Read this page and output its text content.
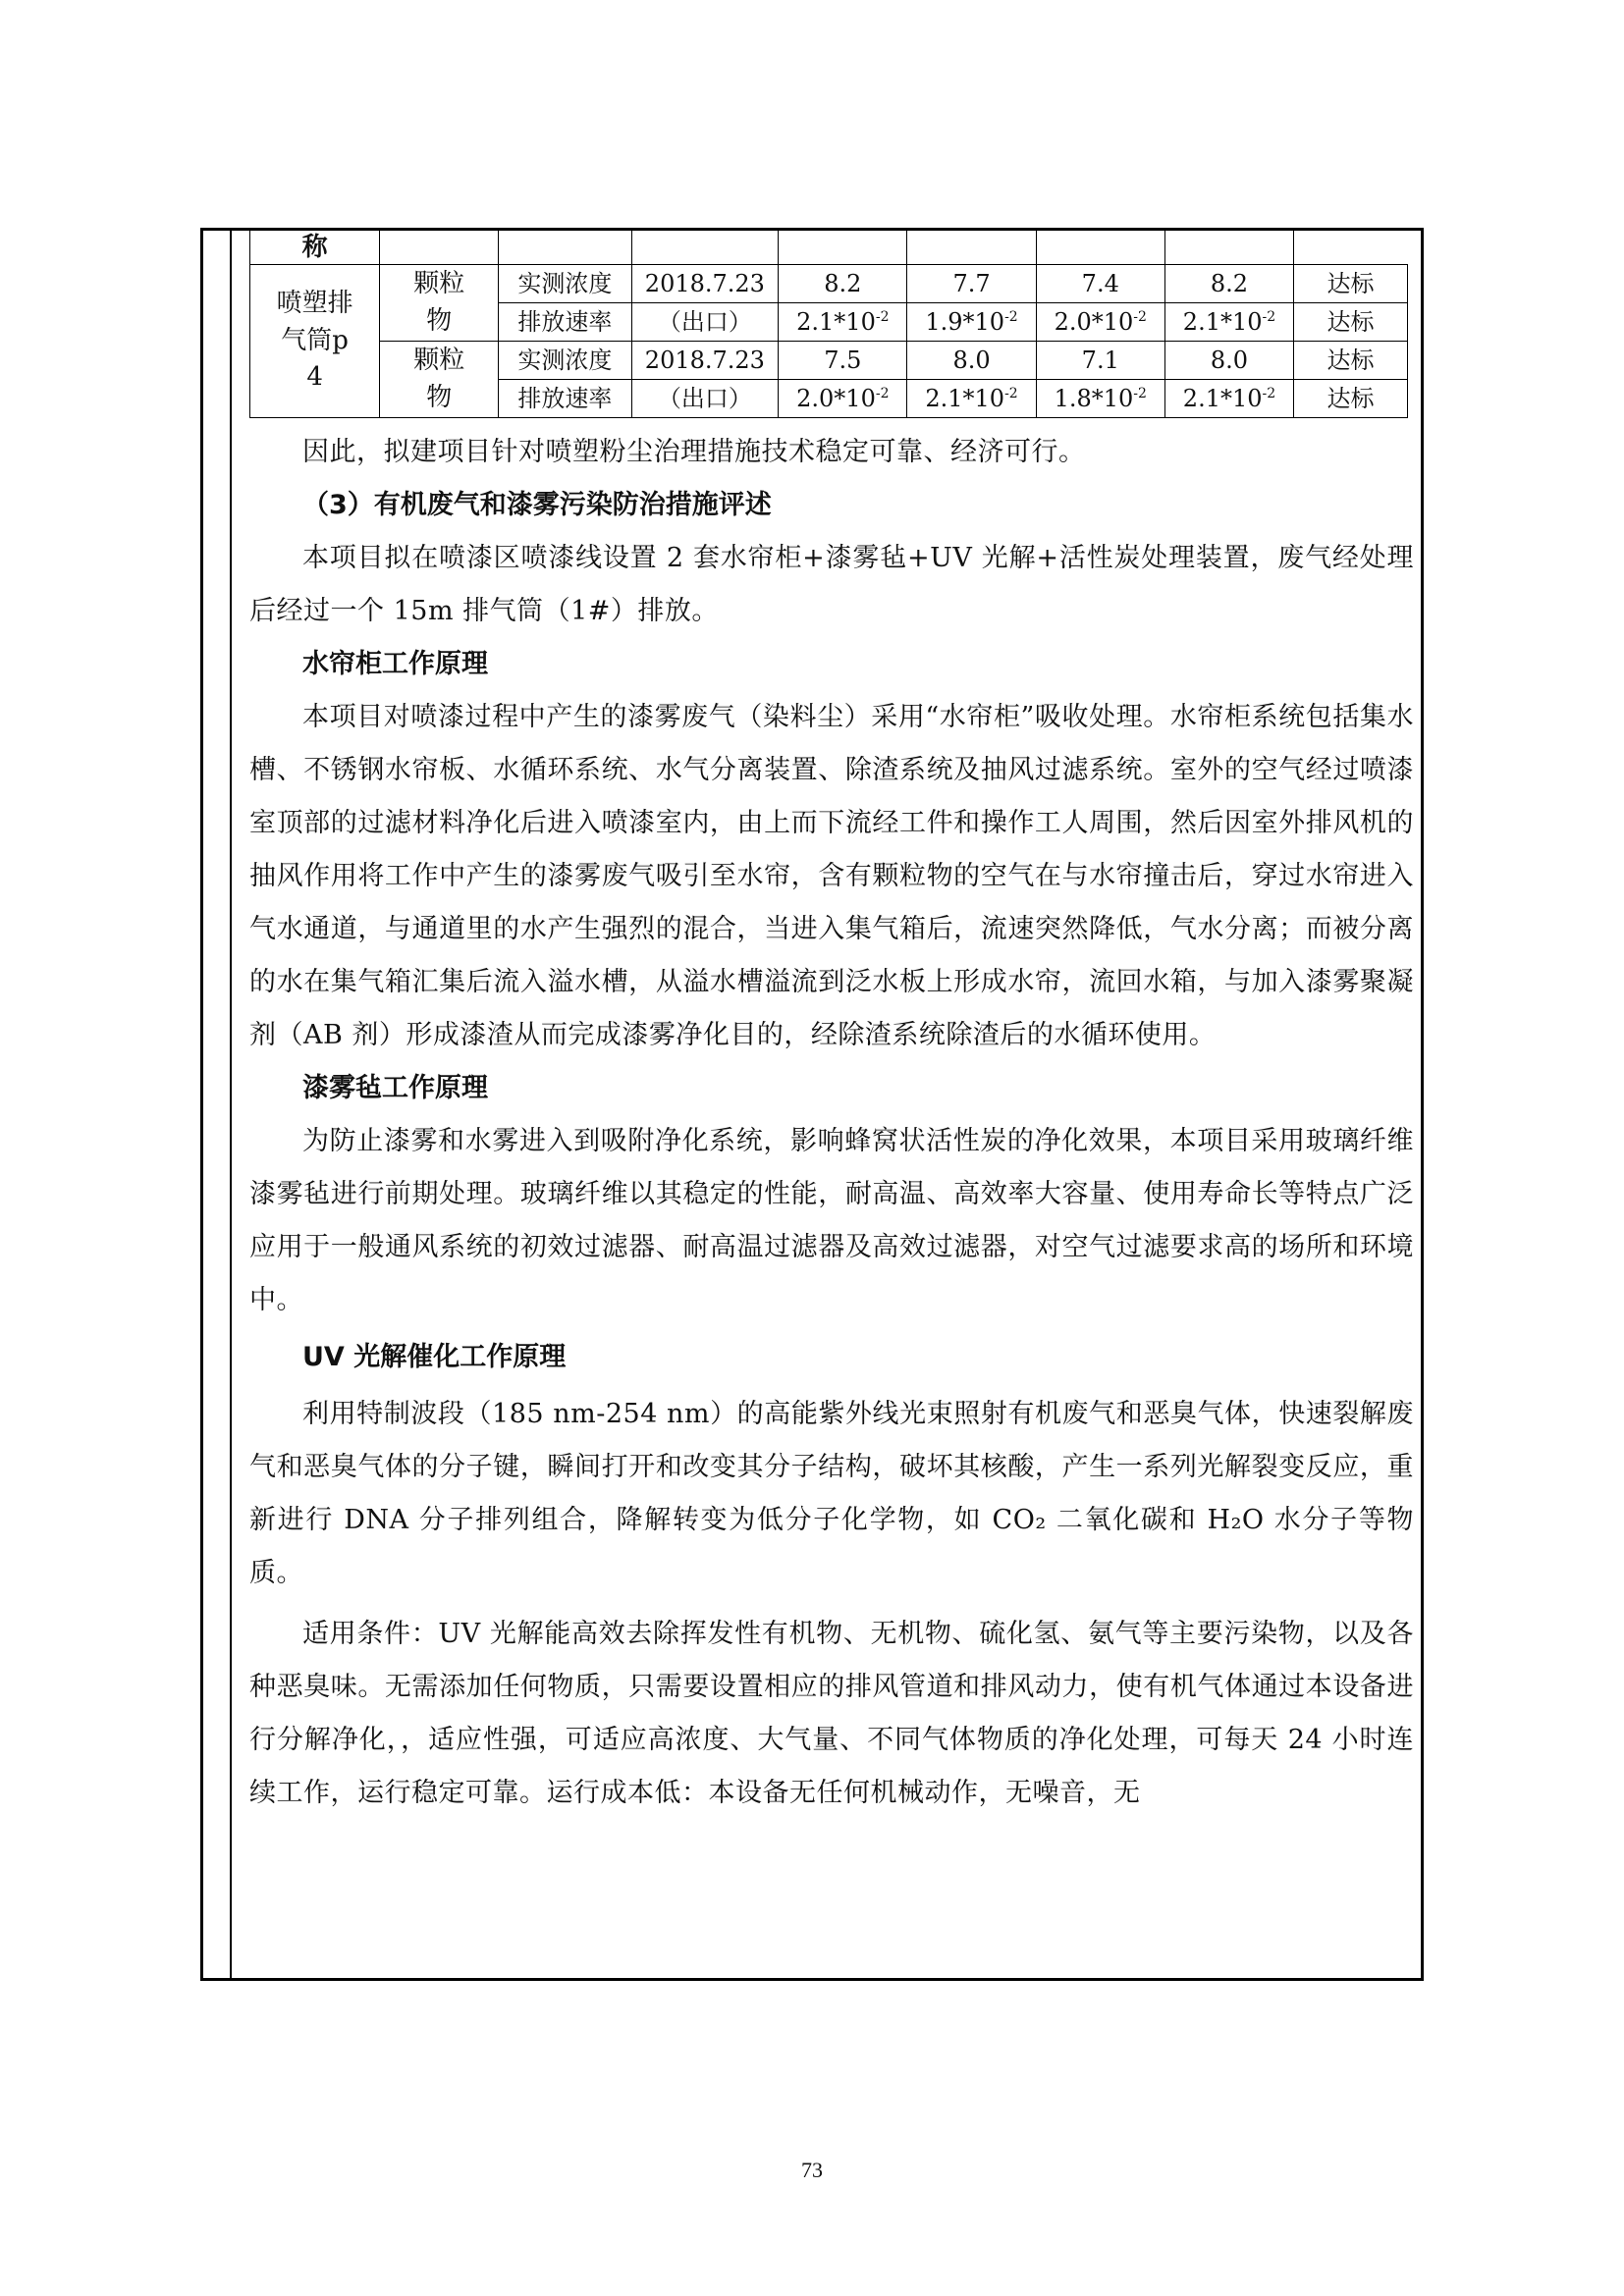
称								
喷塑排气筒p4	颗粒物	实测浓度	2018.7.23	8.2	7.7	7.4	8.2	达标
		排放速率	（出口）	$2.1*10^{-2}$	$1.9*10^{-2}$	$2.0*10^{-2}$	$2.1*10^{-2}$	达标
	颗粒物	实测浓度	2018.7.23	7.5	8.0	7.1	8.0	达标
		排放速率	（出口）	$2.0*10^{-2}$	$2.1*10^{-2}$	$1.8*10^{-2}$	$2.1*10^{-2}$	达标

因此，拟建项目针对喷塑粉尘治理措施技术稳定可靠、经济可行。

（3）有机废气和漆雾污染防治措施评述

本项目拟在喷漆区喷漆线设置 2 套水帘柜+漆雾毡+UV 光解+活性炭处理装置，废气经处理后经过一个 15m 排气筒（1#）排放。

水帘柜工作原理

本项目对喷漆过程中产生的漆雾废气（染料尘）采用“水帘柜”吸收处理。水帘柜系统包括集水槽、不锈钢水帘板、水循环系统、水气分离装置、除渣系统及抽风过滤系统。室外的空气经过喷漆室顶部的过滤材料净化后进入喷漆室内，由上而下流经工件和操作工人周围，然后因室外排风机的抽风作用将工作中产生的漆雾废气吸引至水帘，含有颗粒物的空气在与水帘撞击后，穿过水帘进入气水通道，与通道里的水产生强烈的混合，当进入集气箱后，流速突然降低，气水分离；而被分离的水在集气箱汇集后流入溢水槽，从溢水槽溢流到泛水板上形成水帘，流回水箱，与加入漆雾聚凝剂（AB 剂）形成漆渣从而完成漆雾净化目的，经除渣系统除渣后的水循环使用。

漆雾毡工作原理

为防止漆雾和水雾进入到吸附净化系统，影响蜂窝状活性炭的净化效果，本项目采用玻璃纤维漆雾毡进行前期处理。玻璃纤维以其稳定的性能，耐高温、高效率大容量、使用寿命长等特点广泛应用于一般通风系统的初效过滤器、耐高温过滤器及高效过滤器，对空气过滤要求高的场所和环境中。

UV 光解催化工作原理

利用特制波段（185 nm-254 nm）的高能紫外线光束照射有机废气和恶臭气体，快速裂解废气和恶臭气体的分子键，瞬间打开和改变其分子结构，破坏其核酸，产生一系列光解裂变反应，重新进行 DNA 分子排列组合，降解转变为低分子化学物，如 CO₂ 二氧化碳和 H₂O 水分子等物质。

适用条件：UV 光解能高效去除挥发性有机物、无机物、硫化氢、氨气等主要污染物，以及各种恶臭味。无需添加任何物质，只需要设置相应的排风管道和排风动力，使有机气体通过本设备进行分解净化，，适应性强，可适应高浓度、大气量、不同气体物质的净化处理，可每天 24 小时连续工作，运行稳定可靠。运行成本低：本设备无任何机械动作，无噪音，无

73
